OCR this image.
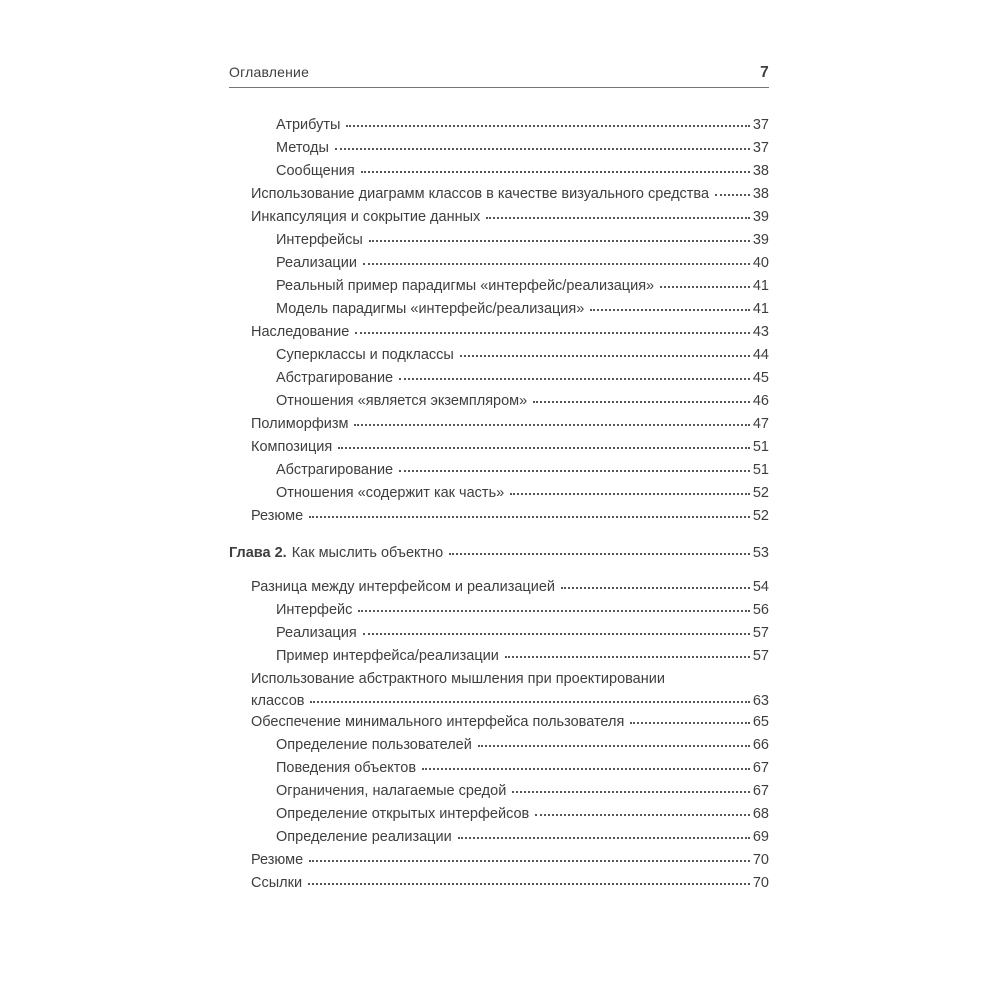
Оглавление	7
Атрибуты	37
Методы	37
Сообщения	38
Использование диаграмм классов в качестве визуального средства	38
Инкапсуляция и сокрытие данных	39
Интерфейсы	39
Реализации	40
Реальный пример парадигмы «интерфейс/реализация»	41
Модель парадигмы «интерфейс/реализация»	41
Наследование	43
Суперклассы и подклассы	44
Абстрагирование	45
Отношения «является экземпляром»	46
Полиморфизм	47
Композиция	51
Абстрагирование	51
Отношения «содержит как часть»	52
Резюме	52
Глава 2. Как мыслить объектно	53
Разница между интерфейсом и реализацией	54
Интерфейс	56
Реализация	57
Пример интерфейса/реализации	57
Использование абстрактного мышления при проектировании
классов	63
Обеспечение минимального интерфейса пользователя	65
Определение пользователей	66
Поведения объектов	67
Ограничения, налагаемые средой	67
Определение открытых интерфейсов	68
Определение реализации	69
Резюме	70
Ссылки	70
